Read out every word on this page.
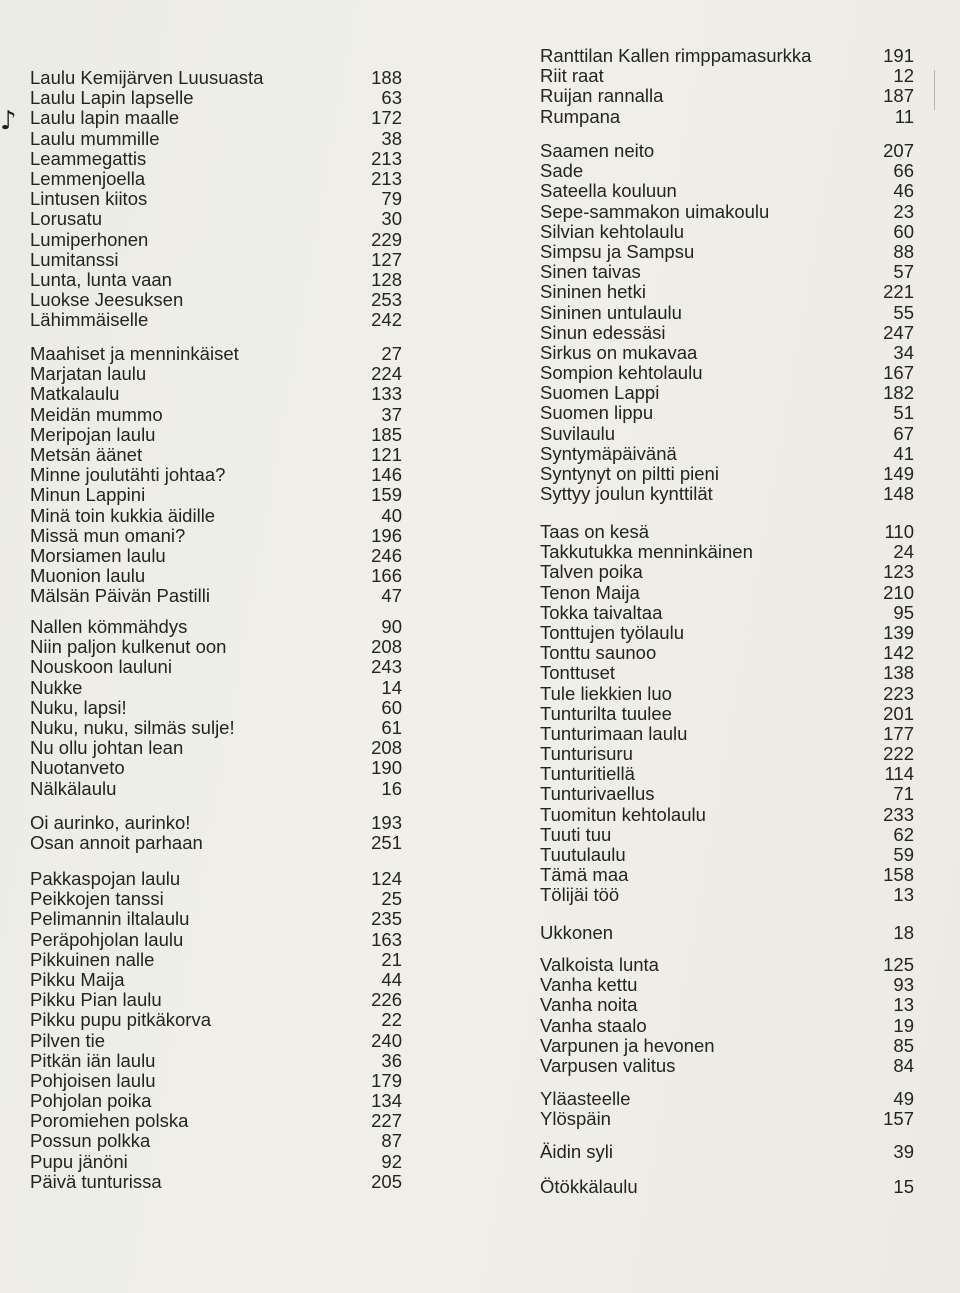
♪
Laulu Kemijärven Luusuasta	188
Laulu Lapin lapselle	63
Laulu lapin maalle	172
Laulu mummille	38
Leammegattis	213
Lemmenjoella	213
Lintusen kiitos	79
Lorusatu	30
Lumiperhonen	229
Lumitanssi	127
Lunta, lunta vaan	128
Luokse Jeesuksen	253
Lähimmäiselle	242
Maahiset ja menninkäiset	27
Marjatan laulu	224
Matkalaulu	133
Meidän mummo	37
Meripojan laulu	185
Metsän äänet	121
Minne joulutähti johtaa?	146
Minun Lappini	159
Minä toin kukkia äidille	40
Missä mun omani?	196
Morsiamen laulu	246
Muonion laulu	166
Mälsän Päivän Pastilli	47
Nallen kömmähdys	90
Niin paljon kulkenut oon	208
Nouskoon lauluni	243
Nukke	14
Nuku, lapsi!	60
Nuku, nuku, silmäs sulje!	61
Nu ollu johtan lean	208
Nuotanveto	190
Nälkälaulu	16
Oi aurinko, aurinko!	193
Osan annoit parhaan	251
Pakkaspojan laulu	124
Peikkojen tanssi	25
Pelimannin iltalaulu	235
Peräpohjolan laulu	163
Pikkuinen nalle	21
Pikku Maija	44
Pikku Pian laulu	226
Pikku pupu pitkäkorva	22
Pilven tie	240
Pitkän iän laulu	36
Pohjoisen laulu	179
Pohjolan poika	134
Poromiehen polska	227
Possun polkka	87
Pupu jänöni	92
Päivä tunturissa	205
Ranttilan Kallen rimppamasurkka	191
Riit raat	12
Ruijan rannalla	187
Rumpana	11
Saamen neito	207
Sade	66
Sateella kouluun	46
Sepe-sammakon uimakoulu	23
Silvian kehtolaulu	60
Simpsu ja Sampsu	88
Sinen taivas	57
Sininen hetki	221
Sininen untulaulu	55
Sinun edessäsi	247
Sirkus on mukavaa	34
Sompion kehtolaulu	167
Suomen Lappi	182
Suomen lippu	51
Suvilaulu	67
Syntymäpäivänä	41
Syntynyt on piltti pieni	149
Syttyy joulun kynttilät	148
Taas on kesä	110
Takkutukka menninkäinen	24
Talven poika	123
Tenon Maija	210
Tokka taivaltaa	95
Tonttujen työlaulu	139
Tonttu saunoo	142
Tonttuset	138
Tule liekkien luo	223
Tunturilta tuulee	201
Tunturimaan laulu	177
Tunturisuru	222
Tunturitiellä	114
Tunturivaellus	71
Tuomitun kehtolaulu	233
Tuuti tuu	62
Tuutulaulu	59
Tämä maa	158
Tölijäi töö	13
Ukkonen	18
Valkoista lunta	125
Vanha kettu	93
Vanha noita	13
Vanha staalo	19
Varpunen ja hevonen	85
Varpusen valitus	84
Yläasteelle	49
Ylöspäin	157
Äidin syli	39
Ötökkälaulu	15
